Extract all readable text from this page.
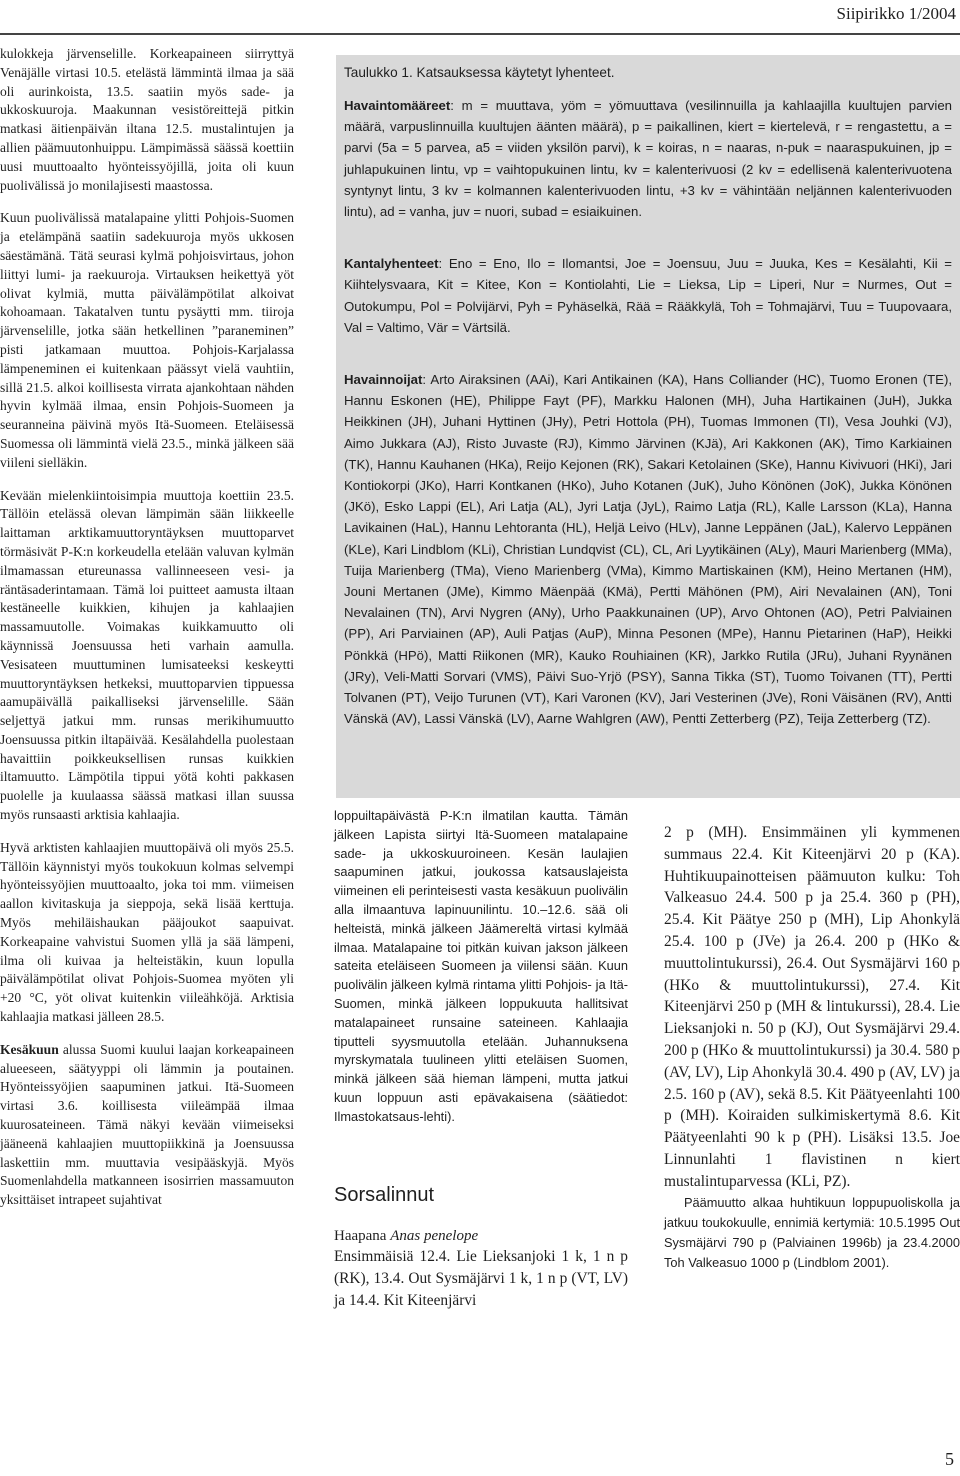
Siipirikko 1/2004

kulokkeja järvenselille. Korkeapaineen siirryttyä Venäjälle virtasi 10.5. etelästä lämmintä ilmaa ja sää oli aurinkoista, 13.5. saatiin myös sade- ja ukkoskuuroja. Maakunnan vesistöreittejä pitkin matkasi äitienpäivän iltana 12.5. mustalintujen ja allien päämuutonhuippu. Lämpimässä säässä koettiin uusi muuttoaalto hyönteissyöjillä, joita oli kuun puolivälissä jo monilajisesti maastossa.

Kuun puolivälissä matalapaine ylitti Pohjois-Suomen ja etelämpänä saatiin sadekuuroja myös ukkosen säestämänä. Tätä seurasi kylmä pohjoisvirtaus, johon liittyi lumi- ja raekuuroja. Virtauksen heikettyä yöt olivat kylmiä, mutta päivälämpötilat alkoivat kohoamaan. Takatalven tuntu pysäytti mm. tiiroja järvenselille, jotka sään hetkellinen ”paraneminen” pisti jatkamaan muuttoa. Pohjois-Karjalassa lämpeneminen ei kuitenkaan päässyt vielä vauhtiin, sillä 21.5. alkoi koillisesta virrata ajankohtaan nähden hyvin kylmää ilmaa, ensin Pohjois-Suomeen ja seuranneina päivinä myös Itä-Suomeen. Eteläisessä Suomessa oli lämmintä vielä 23.5., minkä jälkeen sää viileni sielläkin.

Kevään mielenkiintoisimpia muuttoja koettiin 23.5. Tällöin etelässä olevan lämpimän sään liikkeelle laittaman arktikamuuttoryntäyksen muuttoparvet törmäsivät P-K:n korkeudella etelään valuvan kylmän ilmamassan etureunassa vallinneeseen vesi- ja räntäsaderintamaan. Tämä loi puitteet aamusta iltaan kestäneelle kuikkien, kihujen ja kahlaajien massamuutolle. Voimakas kuikkamuutto oli käynnissä Joensuussa heti varhain aamulla. Vesisateen muuttuminen lumisateeksi keskeytti muuttoryntäyksen hetkeksi, muuttoparvien tippuessa aamupäivällä paikalliseksi järvenselille. Sään seljettyä jatkui mm. runsas merikihumuutto Joensuussa pitkin iltapäivää. Kesälahdella puolestaan havaittiin poikkeuksellisen runsas kuikkien iltamuutto. Lämpötila tippui yötä kohti pakkasen puolelle ja kuulaassa säässä matkasi illan suussa myös runsaasti arktisia kahlaajia.

Hyvä arktisten kahlaajien muuttopäivä oli myös 25.5. Tällöin käynnistyi myös toukokuun kolmas selvempi hyönteissyöjien muuttoaalto, joka toi mm. viimeisen aallon kivitaskuja ja sieppoja, sekä lisää kerttuja. Myös mehiläishaukan pääjoukot saapuivat. Korkeapaine vahvistui Suomen yllä ja sää lämpeni, ilma oli kuivaa ja helteistäkin, kuun lopulla päivälämpötilat olivat Pohjois-Suomea myöten yli +20 °C, yöt olivat kuitenkin viileähköjä. Arktisia kahlaajia matkasi jälleen 28.5.

Kesäkuun alussa Suomi kuului laajan korkeapaineen alueeseen, säätyyppi oli lämmin ja poutainen. Hyönteissyöjien saapuminen jatkui. Itä-Suomeen virtasi 3.6. koillisesta viileämpää ilmaa kuurosateineen. Tämä näkyi kevään viimeiseksi jääneenä kahlaajien muuttopiikkinä ja Joensuussa laskettiin mm. muuttavia vesipääskyjä. Myös Suomenlahdella matkanneen isosirrien massamuuton yksittäiset intrapeet sujahtivat

Taulukko 1. Katsauksessa käytetyt lyhenteet.

Havaintomääreet: m = muuttava, yöm = yömuuttava (vesilinnuilla ja kahlaajilla kuultujen parvien määrä, varpuslinnuilla kuultujen äänten määrä), p = paikallinen, kiert = kiertelevä, r = rengastettu, a = parvi (5a = 5 parvea, a5 = viiden yksilön parvi), k = koiras, n = naaras, n-puk = naaraspukuinen, jp = juhlapukuinen lintu, vp = vaihtopukuinen lintu, kv = kalenterivuosi (2 kv = edellisenä kalenterivuotena syntynyt lintu, 3 kv = kolmannen kalenterivuoden lintu, +3 kv = vähintään neljännen kalenterivuoden lintu), ad = vanha, juv = nuori, subad = esiaikuinen.

Kantalyhenteet: Eno = Eno, Ilo = Ilomantsi, Joe = Joensuu, Juu = Juuka, Kes = Kesälahti, Kii = Kiihtelysvaara, Kit = Kitee, Kon = Kontiolahti, Lie = Lieksa, Lip = Liperi, Nur = Nurmes, Out = Outokumpu, Pol = Polvijärvi, Pyh = Pyhäselkä, Rää = Rääkkylä, Toh = Tohmajärvi, Tuu = Tuupovaara, Val = Valtimo, Vär = Värtsilä.

Havainnoijat: Arto Airaksinen (AAi), Kari Antikainen (KA), Hans Colliander (HC), Tuomo Eronen (TE), Hannu Eskonen (HE), Philippe Fayt (PF), Markku Halonen (MH), Juha Hartikainen (JuH), Jukka Heikkinen (JH), Juhani Hyttinen (JHy), Petri Hottola (PH), Tuomas Immonen (TI), Vesa Jouhki (VJ), Aimo Jukkara (AJ), Risto Juvaste (RJ), Kimmo Järvinen (KJä), Ari Kakkonen (AK), Timo Karkiainen (TK), Hannu Kauhanen (HKa), Reijo Kejonen (RK), Sakari Ketolainen (SKe), Hannu Kivivuori (HKi), Jari Kontiokorpi (JKo), Harri Kontkanen (HKo), Juho Kotanen (JuK), Juho Könönen (JoK), Jukka Könönen (JKö), Esko Lappi (EL), Ari Latja (AL), Jyri Latja (JyL), Raimo Latja (RL), Kalle Larsson (KLa), Hanna Lavikainen (HaL), Hannu Lehtoranta (HL), Heljä Leivo (HLv), Janne Leppänen (JaL), Kalervo Leppänen (KLe), Kari Lindblom (KLi), Christian Lundqvist (CL), CL, Ari Lyytikäinen (ALy), Mauri Marienberg (MMa), Tuija Marienberg (TMa), Vieno Marienberg (VMa), Kimmo Martiskainen (KM), Heino Mertanen (HM), Jouni Mertanen (JMe), Kimmo Mäenpää (KMä), Pertti Mähönen (PM), Airi Nevalainen (AN), Toni Nevalainen (TN), Arvi Nygren (ANy), Urho Paakkunainen (UP), Arvo Ohtonen (AO), Petri Palviainen (PP), Ari Parviainen (AP), Auli Patjas (AuP), Minna Pesonen (MPe), Hannu Pietarinen (HaP), Heikki Pönkkä (HPö), Matti Riikonen (MR), Kauko Rouhiainen (KR), Jarkko Rutila (JRu), Juhani Ryynänen (JRy), Veli-Matti Sorvari (VMS), Päivi Suo-Yrjö (PSY), Sanna Tikka (ST), Tuomo Toivanen (TT), Pertti Tolvanen (PT), Veijo Turunen (VT), Kari Varonen (KV), Jari Vesterinen (JVe), Roni Väisänen (RV), Antti Vänskä (AV), Lassi Vänskä (LV), Aarne Wahlgren (AW), Pentti Zetterberg (PZ), Teija Zetterberg (TZ).

loppuiltapäivästä P-K:n ilmatilan kautta. Tämän jälkeen Lapista siirtyi Itä-Suomeen matalapaine sade- ja ukkoskuuroineen. Kesän laulajien saapuminen jatkui, joukossa katsauslajeista viimeinen eli perinteisesti vasta kesäkuun puolivälin alla ilmaantuva lapinuunilintu. 10.–12.6. sää oli helteistä, minkä jälkeen Jäämereltä virtasi kylmää ilmaa. Matalapaine toi pitkän kuivan jakson jälkeen sateita eteläiseen Suomeen ja viilensi sään. Kuun puolivälin jälkeen kylmä rintama ylitti Pohjois- ja Itä-Suomen, minkä jälkeen loppukuuta hallitsivat matalapaineet runsaine sateineen. Kahlaajia tiputteli syysmuutolla etelään. Juhannuksena myrskymatala tuulineen ylitti eteläisen Suomen, minkä jälkeen sää hieman lämpeni, mutta jatkui kuun loppuun asti epävakaisena (säätiedot: Ilmastokatsaus-lehti).

Sorsalinnut

Haapana Anas penelope

Ensimmäisiä 12.4. Lie Lieksanjoki 1 k, 1 n p (RK), 13.4. Out Sysmäjärvi 1 k, 1 n p (VT, LV) ja 14.4. Kit Kiteenjärvi

2 p (MH). Ensimmäinen yli kymmenen summaus 22.4. Kit Kiteenjärvi 20 p (KA). Huhtikuupainotteisen päämuuton kulku: Toh Valkeasuo 24.4. 500 p ja 25.4. 360 p (PH), 25.4. Kit Päätye 250 p (MH), Lip Ahonkylä 25.4. 100 p (JVe) ja 26.4. 200 p (HKo & muuttolintukurssi), 26.4. Out Sysmäjärvi 160 p (HKo & muuttolintukurssi), 27.4. Kit Kiteenjärvi 250 p (MH & lintukurssi), 28.4. Lie Lieksanjoki n. 50 p (KJ), Out Sysmäjärvi 29.4. 200 p (HKo & muuttolintukurssi) ja 30.4. 580 p (AV, LV), Lip Ahonkylä 30.4. 490 p (AV, LV) ja 2.5. 160 p (AV), sekä 8.5. Kit Päätyeenlahti 100 p (MH). Koiraiden sulkimiskertymä 8.6. Kit Päätyeenlahti 90 k p (PH). Lisäksi 13.5. Joe Linnunlahti 1 flavistinen n kiert mustalintuparvessa (KLi, PZ).

Päämuutto alkaa huhtikuun loppupuoliskolla ja jatkuu toukokuulle, ennimiä kertymiä: 10.5.1995 Out Sysmäjärvi 790 p (Palviainen 1996b) ja 23.4.2000 Toh Valkeasuo 1000 p (Lindblom 2001).

5
